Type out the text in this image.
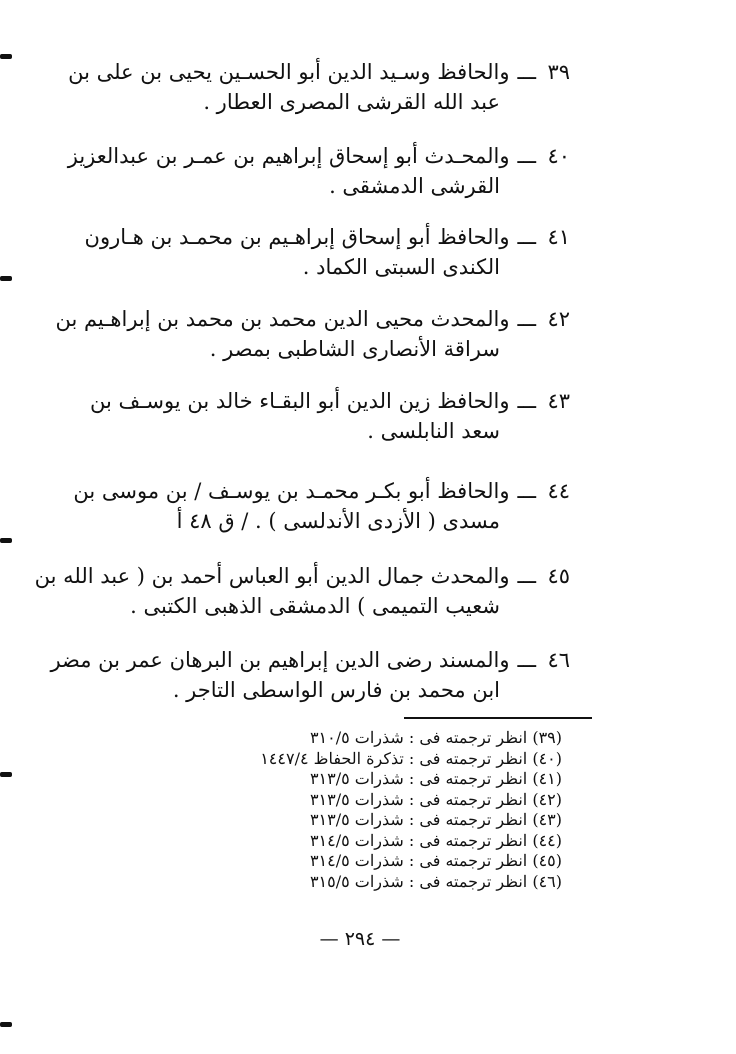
٣٩
ـــ
والحافظ وسـيد الدين أبو الحسـين يحيى بن على بن
عبد الله القرشى المصرى العطار .
٤٠
ـــ
والمحـدث أبو إسحاق إبراهيم بن عمـر بن عبدالعزيز
القرشى الدمشقى .
٤١
ـــ
والحافظ أبو إسحاق إبراهـيم بن محمـد بن هـارون
الكندى السبتى الكماد .
٤٢
ـــ
والمحدث محيى الدين محمد بن محمد بن إبراهـيم بن
سراقة الأنصارى الشاطبى بمصر .
٤٣
ـــ
والحافظ زين الدين أبو البقـاء خالد بن يوسـف بن
سعد النابلسى .
٤٤
ـــ
والحافظ أبو بكـر محمـد بن يوسـف / بن موسى بن
مسدى ( الأزدى الأندلسى ) . / ق ٤٨ أ
٤٥
ـــ
والمحدث جمال الدين أبو العباس أحمد بن ( عبد الله بن
شعيب التميمى ) الدمشقى الذهبى الكتبى .
٤٦
ـــ
والمسند رضى الدين إبراهيم بن البرهان عمر بن مضر
ابن محمد بن فارس الواسطى التاجر .
(٣٩) انظر ترجمته فى : شذرات ٣١٠/٥
(٤٠) انظر ترجمته فى : تذكرة الحفاظ ١٤٤٧/٤
(٤١) انظر ترجمته فى : شذرات ٣١٣/٥
(٤٢) انظر ترجمته فى : شذرات ٣١٣/٥
(٤٣) انظر ترجمته فى : شذرات ٣١٣/٥
(٤٤) انظر ترجمته فى : شذرات ٣١٤/٥
(٤٥) انظر ترجمته فى : شذرات ٣١٤/٥
(٤٦) انظر ترجمته فى : شذرات ٣١٥/٥
— ٢٩٤ —
